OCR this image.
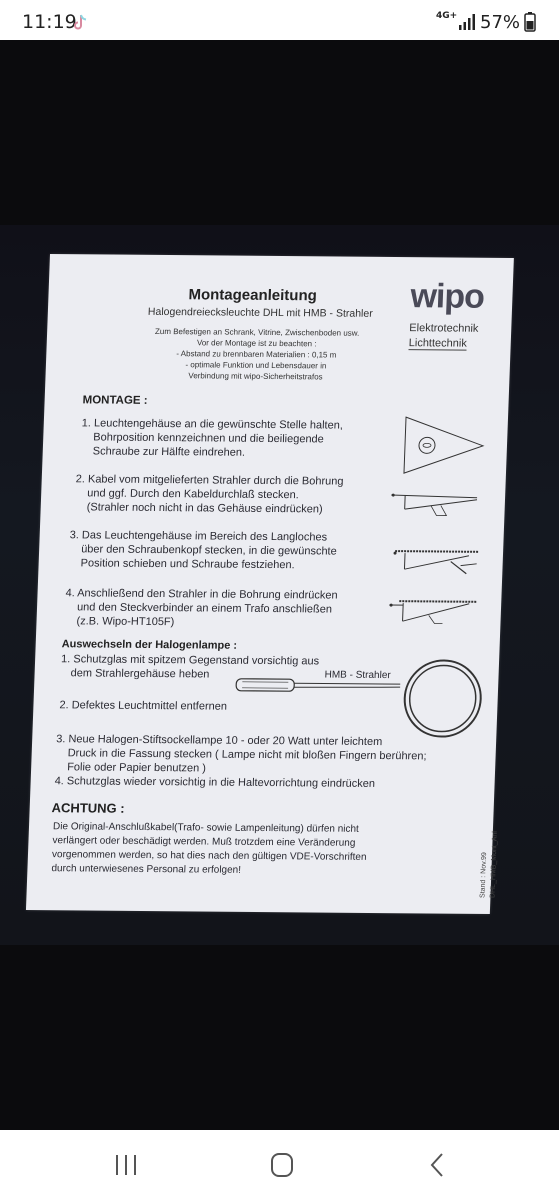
11:19	4G+ 57%
Montageanleitung
Halogendreiecksleuchte DHL mit HMB - Strahler wipo
Elektrotechnik
Lichttechnik
Zum Befestigen an Schrank, Vitrine, Zwischenboden usw.
Vor der Montage ist zu beachten :
- Abstand zu brennbaren Materialien : 0,15 m
- optimale Funktion und Lebensdauer in
Verbindung mit wipo-Sicherheitstrafos
MONTAGE :
1. Leuchtengehäuse an die gewünschte Stelle halten,
Bohrposition kennzeichnen und die beiliegende
Schraube zur Hälfte eindrehen.
2. Kabel vom mitgelieferten Strahler durch die Bohrung
und ggf. Durch den Kabeldurchlaß stecken.
(Strahler noch nicht in das Gehäuse eindrücken)
3. Das Leuchtengehäuse im Bereich des Langloches
über den Schraubenkopf stecken, in die gewünschte
Position schieben und Schraube festziehen.
4. Anschließend den Strahler in die Bohrung eindrücken
und den Steckverbinder an einem Trafo anschließen
(z.B. Wipo-HT105F)
Auswechseln der Halogenlampe :
1. Schutzglas mit spitzem Gegenstand vorsichtig aus
dem Strahlergehäuse heben	HMB - Strahler
2. Defektes Leuchtmittel entfernen
3. Neue Halogen-Stiftsockellampe 10 - oder 20 Watt unter leichtem
Druck in die Fassung stecken ( Lampe nicht mit bloßen Fingern berühren;
Folie oder Papier benutzen )
4. Schutzglas wieder vorsichtig in die Haltevorrichtung eindrücken
ACHTUNG :
Die Original-Anschlußkabel(Trafo- sowie Lampenleitung) dürfen nicht
verlängert oder beschädigt werden. Muß trotzdem eine Veränderung
vorgenommen werden, so hat dies nach den gültigen VDE-Vorschriften
durch unterwiesenes Personal zu erfolgen!	Stand : Nov.99 DHL_HMB_Mont_Anl
